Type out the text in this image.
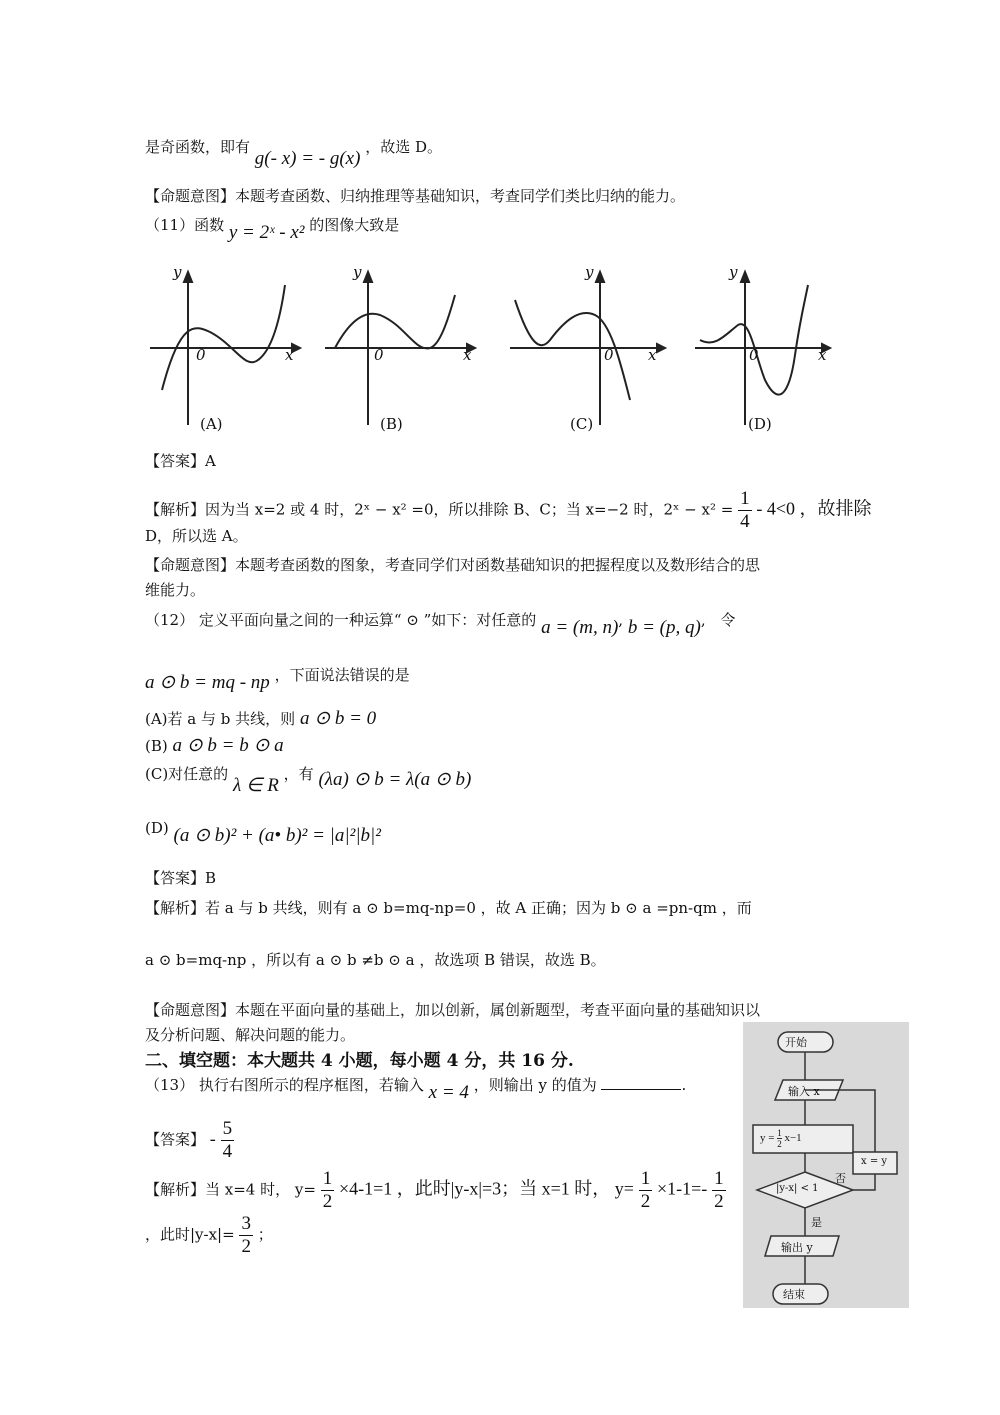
是奇函数，即有 g(- x) = - g(x) ，故选 D。
【命题意图】本题考查函数、归纳推理等基础知识，考查同学们类比归纳的能力。
（11）函数 y = 2ˣ - x² 的图像大致是
y
0	x
y
0	x
y
0 x
y
0	x
(A)	(B)	(C)	(D)
【答案】A
【解析】因为当 x=2 或 4 时，2ˣ − x² =0，所以排除 B、C；当 x=−2 时，2ˣ − $x^2 = \frac{1}{4} - 4<0$ ，故排除
D，所以选 A。
【命题意图】本题考查函数的图象，考查同学们对函数基础知识的把握程度以及数形结合的思
维能力。
（12） 定义平面向量之间的一种运算“ ⊙ ”如下：对任意的 a = (m, n), b = (p, q), 令
a ⊙ b = mq - np ，下面说法错误的是
(A)若 a 与 b 共线，则 a ⊙ b = 0
(B) a ⊙ b = b ⊙ a
(C)对任意的 λ ∈ R ，有 (λa) ⊙ b = λ(a ⊙ b)
(D) (a ⊙ b)² + (a• b)² = |a|²|b|²
【答案】B
【解析】若 a 与 b 共线，则有 a ⊙ b=mq-np=0 ，故 A 正确；因为 b ⊙ a =pn-qm ，而
a ⊙ b=mq-np ，所以有 a ⊙ b ≠b ⊙ a ，故选项 B 错误，故选 B。
【命题意图】本题在平面向量的基础上，加以创新，属创新题型，考查平面向量的基础知识以
及分析问题、解决问题的能力。
二、填空题：本大题共 4 小题，每小题 4 分，共 16 分.
（13） 执行右图所示的程序框图，若输入 x = 4 ，则输出 y 的值为	.
【答案】 - $\frac{5}{4}$
【解析】当 x=4 时， $y= \frac{1}{2} \times 4-1=1$ ，此时|y-x|=3；当 x=1 时， $y= \frac{1}{2} \times 1-1=- \frac{1}{2}$
，此时$|y-x|= \frac{3}{2}$ ；
开始
输入 x
$y = \frac{1}{2} x-1$
|y-x| < 1
x = y
否
是
输出 y
结束
